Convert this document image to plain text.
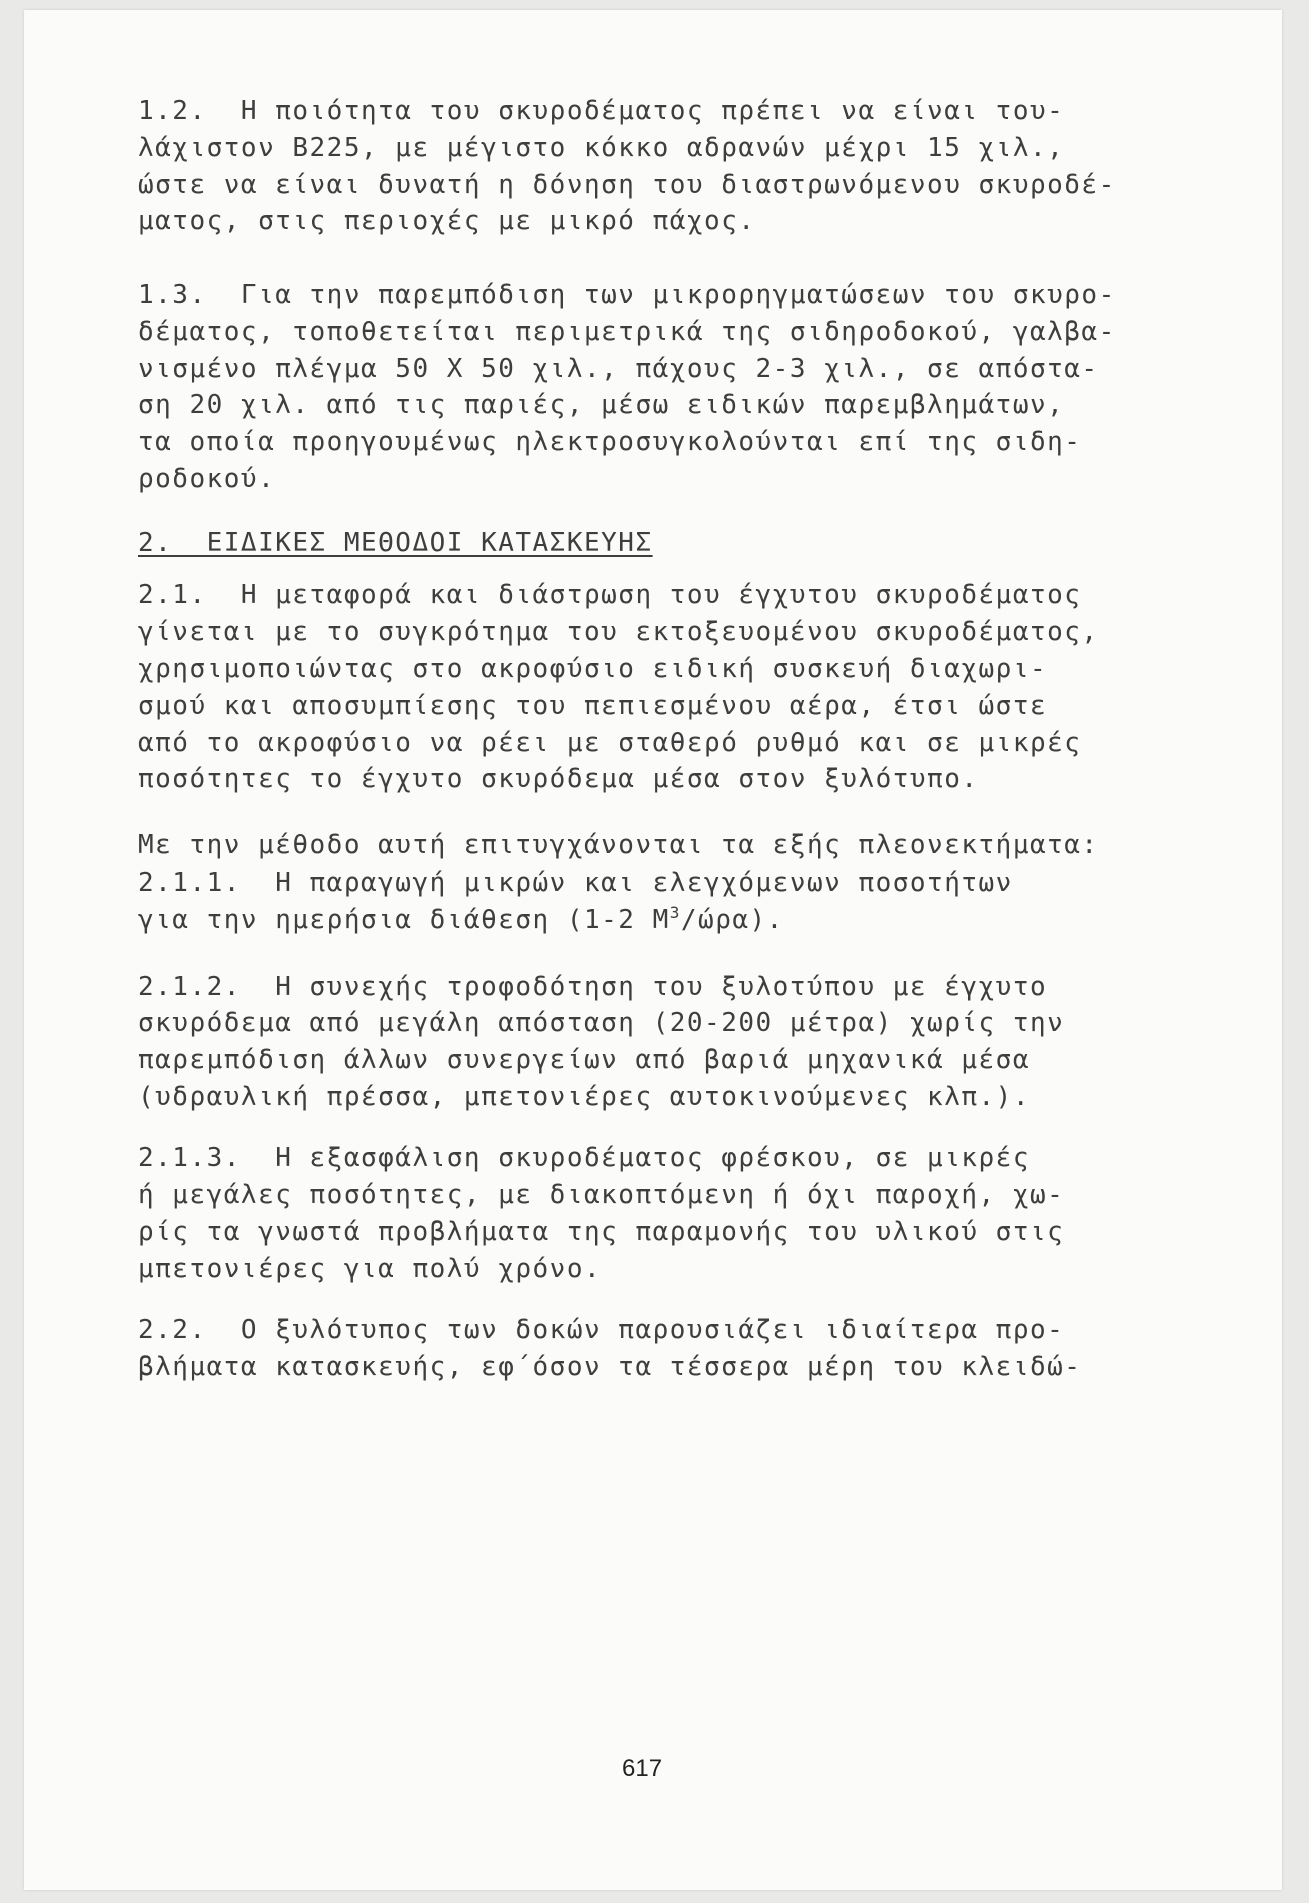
1.2.  Η ποιότητα του σκυροδέματος πρέπει να είναι του-
λάχιστον Β225, με μέγιστο κόκκο αδρανών μέχρι 15 χιλ.,
ώστε να είναι δυνατή η δόνηση του διαστρωνόμενου σκυροδέ-
ματος, στις περιοχές με μικρό πάχος.
1.3.  Για την παρεμπόδιση των μικρορηγματώσεων του σκυρο-
δέματος, τοποθετείται περιμετρικά της σιδηροδοκού, γαλβα-
νισμένο πλέγμα 50 Χ 50 χιλ., πάχους 2-3 χιλ., σε απόστα-
ση 20 χιλ. από τις παριές, μέσω ειδικών παρεμβλημάτων,
τα οποία προηγουμένως ηλεκτροσυγκολούνται επί της σιδη-
ροδοκού.
2.  ΕΙΔΙΚΕΣ ΜΕΘΟΔΟΙ ΚΑΤΑΣΚΕΥΗΣ
2.1.  Η μεταφορά και διάστρωση του έγχυτου σκυροδέματος
γίνεται με το συγκρότημα του εκτοξευομένου σκυροδέματος,
χρησιμοποιώντας στο ακροφύσιο ειδική συσκευή διαχωρι-
σμού και αποσυμπίεσης του πεπιεσμένου αέρα, έτσι ώστε
από το ακροφύσιο να ρέει με σταθερό ρυθμό και σε μικρές
ποσότητες το έγχυτο σκυρόδεμα μέσα στον ξυλότυπο.
Με την μέθοδο αυτή επιτυγχάνονται τα εξής πλεονεκτήματα:
2.1.1.  Η παραγωγή μικρών και ελεγχόμενων ποσοτήτων
για την ημερήσια διάθεση (1-2 $M^3/ώ\rho\alpha$).
2.1.2.  Η συνεχής τροφοδότηση του ξυλοτύπου με έγχυτο
σκυρόδεμα από μεγάλη απόσταση (20-200 μέτρα) χωρίς την
παρεμπόδιση άλλων συνεργείων από βαριά μηχανικά μέσα
(υδραυλική πρέσσα, μπετονιέρες αυτοκινούμενες κλπ.).
2.1.3.  Η εξασφάλιση σκυροδέματος φρέσκου, σε μικρές
ή μεγάλες ποσότητες, με διακοπτόμενη ή όχι παροχή, χω-
ρίς τα γνωστά προβλήματα της παραμονής του υλικού στις
μπετονιέρες για πολύ χρόνο.
2.2.  Ο ξυλότυπος των δοκών παρουσιάζει ιδιαίτερα προ-
βλήματα κατασκευής, εφ΄όσον τα τέσσερα μέρη του κλειδώ-
617
